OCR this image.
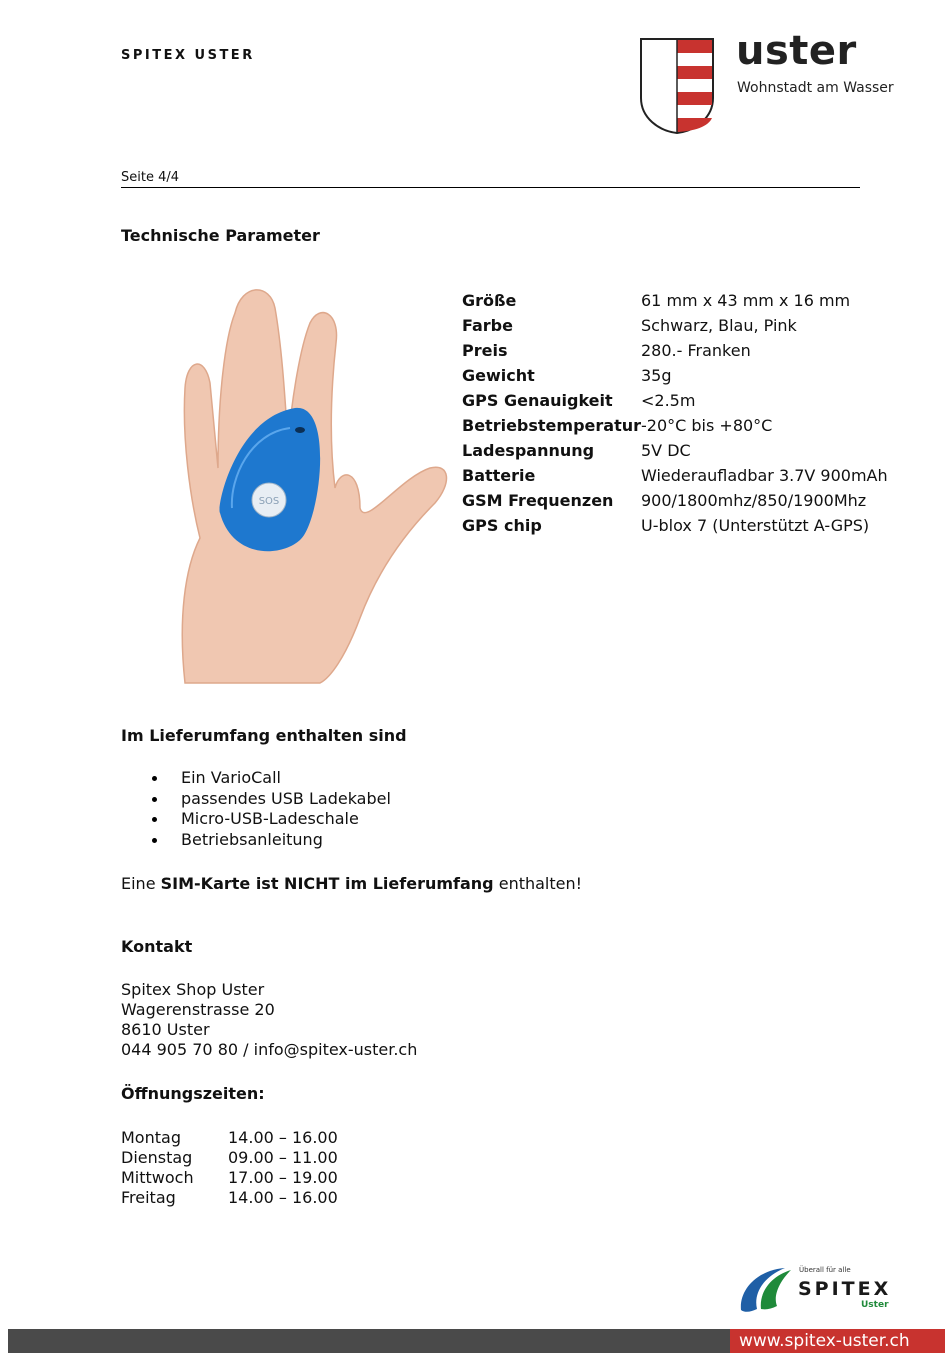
SPITEX USTER	uster
Wohnstadt am Wasser
Seite 4/4
Technische Parameter
SOS
Größe	61 mm x 43 mm x 16 mm
Farbe	Schwarz, Blau, Pink
Preis	280.- Franken
Gewicht	35g
GPS Genauigkeit	<2.5m
Betriebstemperatur	-20°C bis +80°C
Ladespannung	5V DC
Batterie	Wiederaufladbar 3.7V 900mAh
GSM Frequenzen	900/1800mhz/850/1900Mhz
GPS chip	U-blox 7 (Unterstützt A-GPS)
Im Lieferumfang enthalten sind
Ein VarioCall
passendes USB Ladekabel
Micro-USB-Ladeschale
Betriebsanleitung
Eine SIM-Karte ist NICHT im Lieferumfang enthalten!
Kontakt
Spitex Shop Uster
Wagerenstrasse 20
8610 Uster
044 905 70 80 / info@spitex-uster.ch
Öffnungszeiten:
Montag	14.00 – 16.00
Dienstag	09.00 – 11.00
Mittwoch	17.00 – 19.00
Freitag	14.00 – 16.00
Überall für alle
SPITEX
Uster
www.spitex-uster.ch
